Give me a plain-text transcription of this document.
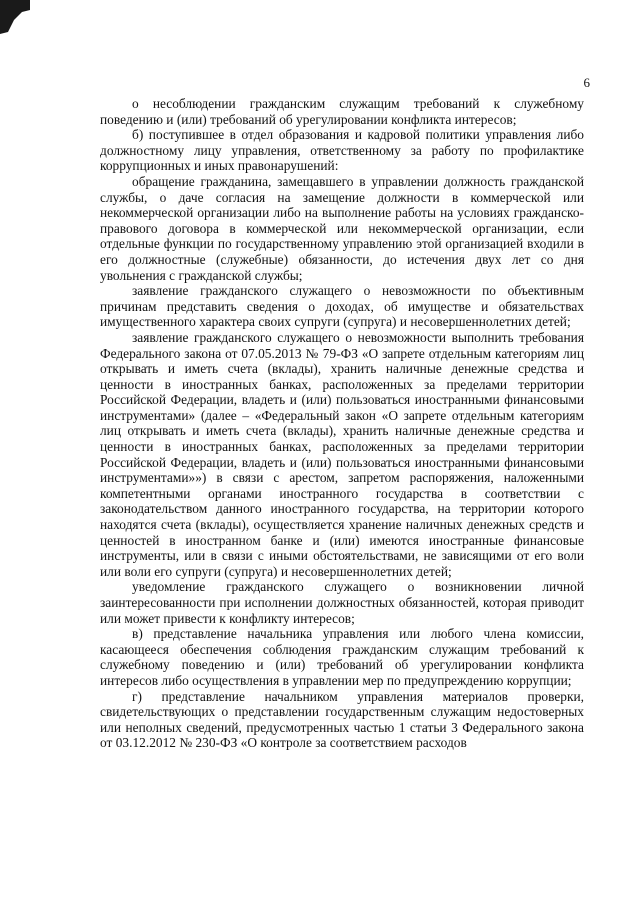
6

о несоблюдении гражданским служащим требований к служебному поведению и (или) требований об урегулировании конфликта интересов;

б) поступившее в отдел образования и кадровой политики управления либо должностному лицу управления, ответственному за работу по профилактике коррупционных и иных правонарушений:

обращение гражданина, замещавшего в управлении должность гражданской службы, о даче согласия на замещение должности в коммерческой или некоммерческой организации либо на выполнение работы на условиях гражданско-правового договора в коммерческой или некоммерческой организации, если отдельные функции по государственному управлению этой организацией входили в его должностные (служебные) обязанности, до истечения двух лет со дня увольнения с гражданской службы;

заявление гражданского служащего о невозможности по объективным причинам представить сведения о доходах, об имуществе и обязательствах имущественного характера своих супруги (супруга) и несовершеннолетних детей;

заявление гражданского служащего о невозможности выполнить требования Федерального закона от 07.05.2013 № 79-ФЗ «О запрете отдельным категориям лиц открывать и иметь счета (вклады), хранить наличные денежные средства и ценности в иностранных банках, расположенных за пределами территории Российской Федерации, владеть и (или) пользоваться иностранными финансовыми инструментами» (далее – «Федеральный закон «О запрете отдельным категориям лиц открывать и иметь счета (вклады), хранить наличные денежные средства и ценности в иностранных банках, расположенных за пределами территории Российской Федерации, владеть и (или) пользоваться иностранными финансовыми инструментами»») в связи с арестом, запретом распоряжения, наложенными компетентными органами иностранного государства в соответствии с законодательством данного иностранного государства, на территории которого находятся счета (вклады), осуществляется хранение наличных денежных средств и ценностей в иностранном банке и (или) имеются иностранные финансовые инструменты, или в связи с иными обстоятельствами, не зависящими от его воли или воли его супруги (супруга) и несовершеннолетних детей;

уведомление гражданского служащего о возникновении личной заинтересованности при исполнении должностных обязанностей, которая приводит или может привести к конфликту интересов;

в) представление начальника управления или любого члена комиссии, касающееся обеспечения соблюдения гражданским служащим требований к служебному поведению и (или) требований об урегулировании конфликта интересов либо осуществления в управлении мер по предупреждению коррупции;

г) представление начальником управления материалов проверки, свидетельствующих о представлении государственным служащим недостоверных или неполных сведений, предусмотренных частью 1 статьи 3 Федерального закона от 03.12.2012 № 230-ФЗ «О контроле за соответствием расходов
